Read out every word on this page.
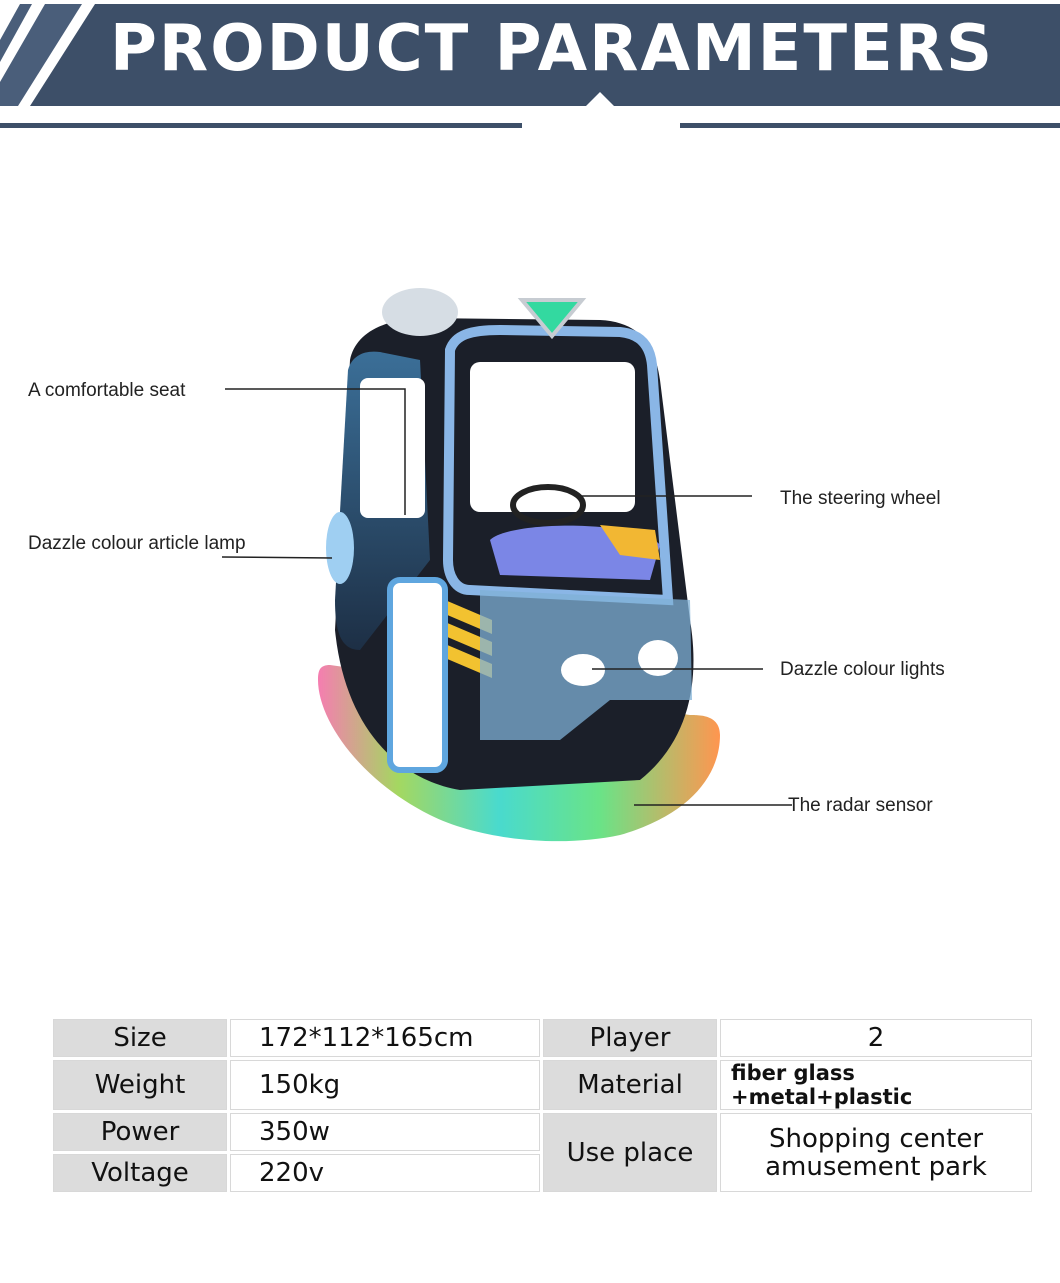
PRODUCT PARAMETERS
A comfortable seat
Dazzle colour article lamp
The steering wheel
Dazzle colour lights
The radar sensor
Size	172*112*165cm	Player	2
Weight	150kg	Material	fiber glass +metal+plastic
Power	350w	Use place	Shopping center
amusement park

Voltage	220v		
